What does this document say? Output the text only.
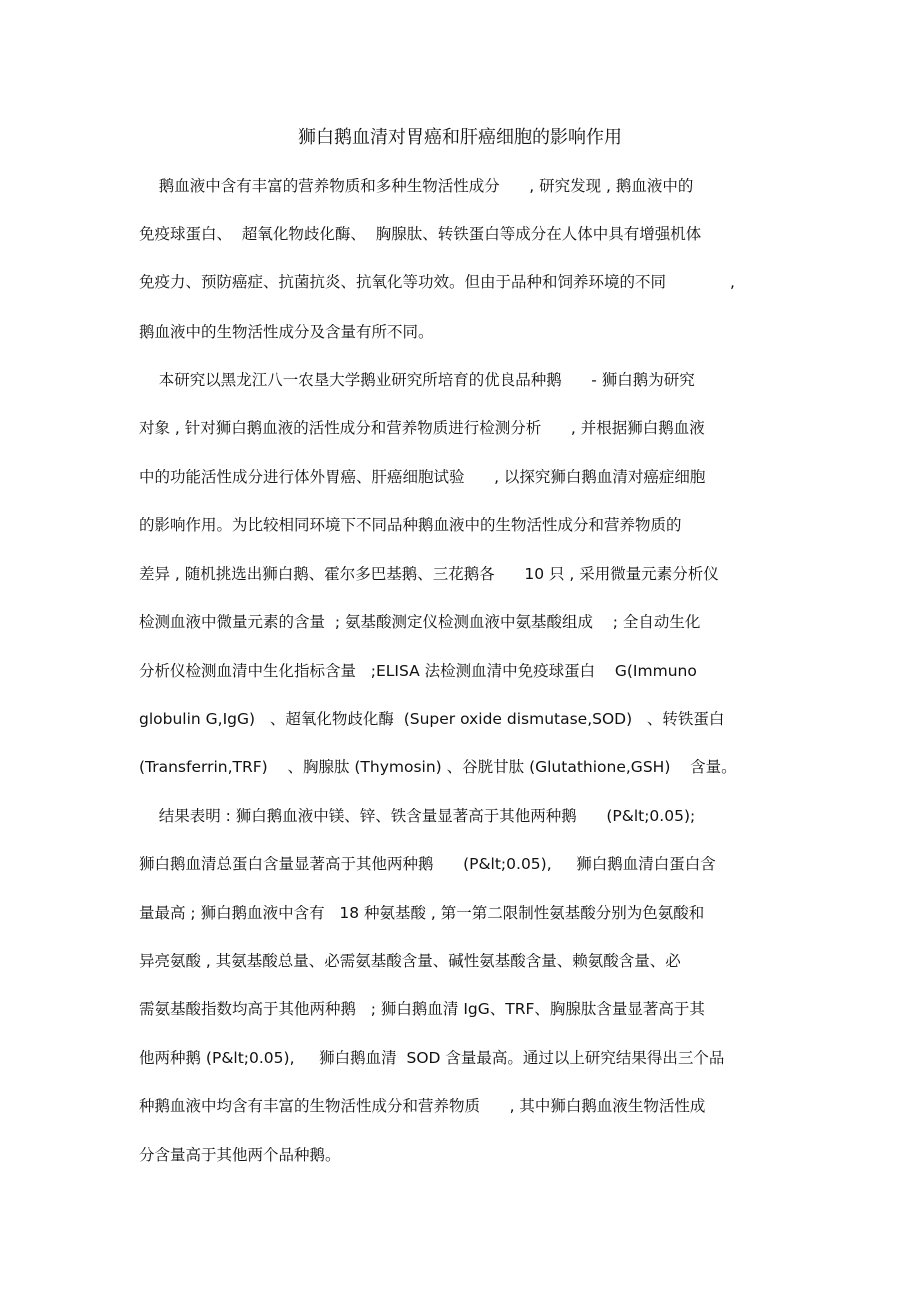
狮白鹅血清对胃癌和肝癌细胞的影响作用
鹅血液中含有丰富的营养物质和多种生物活性成分      , 研究发现 , 鹅血液中的
免疫球蛋白、  超氧化物歧化酶、  胸腺肽、转铁蛋白等成分在人体中具有增强机体
免疫力、预防癌症、抗菌抗炎、抗氧化等功效。但由于品种和饲养环境的不同             ,
鹅血液中的生物活性成分及含量有所不同。
本研究以黑龙江八一农垦大学鹅业研究所培育的优良品种鹅      - 狮白鹅为研究
对象 , 针对狮白鹅血液的活性成分和营养物质进行检测分析      , 并根据狮白鹅血液
中的功能活性成分进行体外胃癌、肝癌细胞试验      , 以探究狮白鹅血清对癌症细胞
的影响作用。为比较相同环境下不同品种鹅血液中的生物活性成分和营养物质的
差异 , 随机挑选出狮白鹅、霍尔多巴基鹅、三花鹅各      10 只 , 采用微量元素分析仪
检测血液中微量元素的含量  ; 氨基酸测定仪检测血液中氨基酸组成    ; 全自动生化
分析仪检测血清中生化指标含量   ;ELISA 法检测血清中免疫球蛋白    G(Immuno
globulin G,IgG)   、超氧化物歧化酶  (Super oxide dismutase,SOD)   、转铁蛋白
(Transferrin,TRF)    、胸腺肽 (Thymosin) 、谷胱甘肽 (Glutathione,GSH)    含量。
结果表明 : 狮白鹅血液中镁、锌、铁含量显著高于其他两种鹅      (P&lt;0.05);
狮白鹅血清总蛋白含量显著高于其他两种鹅      (P&lt;0.05),     狮白鹅血清白蛋白含
量最高 ; 狮白鹅血液中含有   18 种氨基酸 , 第一第二限制性氨基酸分别为色氨酸和
异亮氨酸 , 其氨基酸总量、必需氨基酸含量、碱性氨基酸含量、赖氨酸含量、必
需氨基酸指数均高于其他两种鹅   ; 狮白鹅血清 IgG、TRF、胸腺肽含量显著高于其
他两种鹅 (P&lt;0.05),     狮白鹅血清  SOD 含量最高。通过以上研究结果得出三个品
种鹅血液中均含有丰富的生物活性成分和营养物质      , 其中狮白鹅血液生物活性成
分含量高于其他两个品种鹅。
